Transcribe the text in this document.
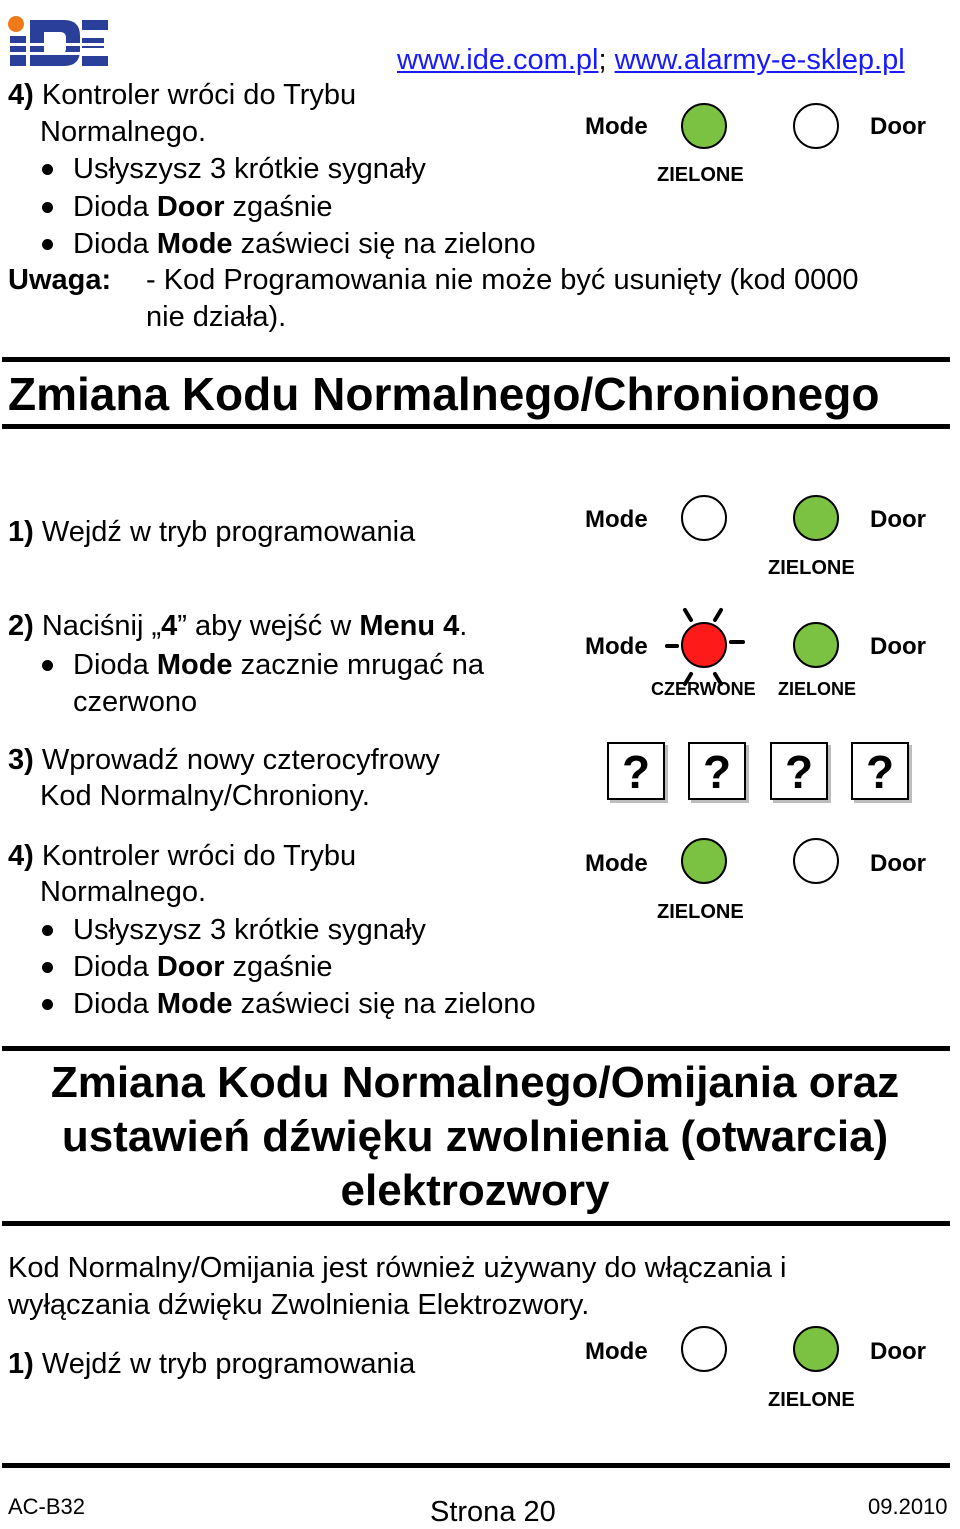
www.ide.com.pl; www.alarmy-e-sklep.pl
4) Kontroler wróci do Trybu
Normalnego.
Usłyszysz 3 krótkie sygnały
Dioda Door zgaśnie
Dioda Mode zaświeci się na zielono
Uwaga: - Kod Programowania nie może być usunięty (kod 0000
nie działa).
Mode	Door
ZIELONE
Zmiana Kodu Normalnego/Chronionego
1) Wejdź w tryb programowania	Mode	Door
ZIELONE
2) Naciśnij „4” aby wejść w Menu 4.
Dioda Mode zacznie mrugać na
czerwono
Mode	Door
CZERWONE ZIELONE
3) Wprowadź nowy czterocyfrowy
Kod Normalny/Chroniony.	?	?	?	?
4) Kontroler wróci do Trybu
Normalnego.
Usłyszysz 3 krótkie sygnały
Dioda Door zgaśnie
Dioda Mode zaświeci się na zielono
Mode	Door
ZIELONE
Zmiana Kodu Normalnego/Omijania oraz
ustawień dźwięku zwolnienia (otwarcia)
elektrozwory
Kod Normalny/Omijania jest również używany do włączania i
wyłączania dźwięku Zwolnienia Elektrozwory.
1) Wejdź w tryb programowania	Mode	Door
ZIELONE
AC-B32	Strona 20	09.2010
